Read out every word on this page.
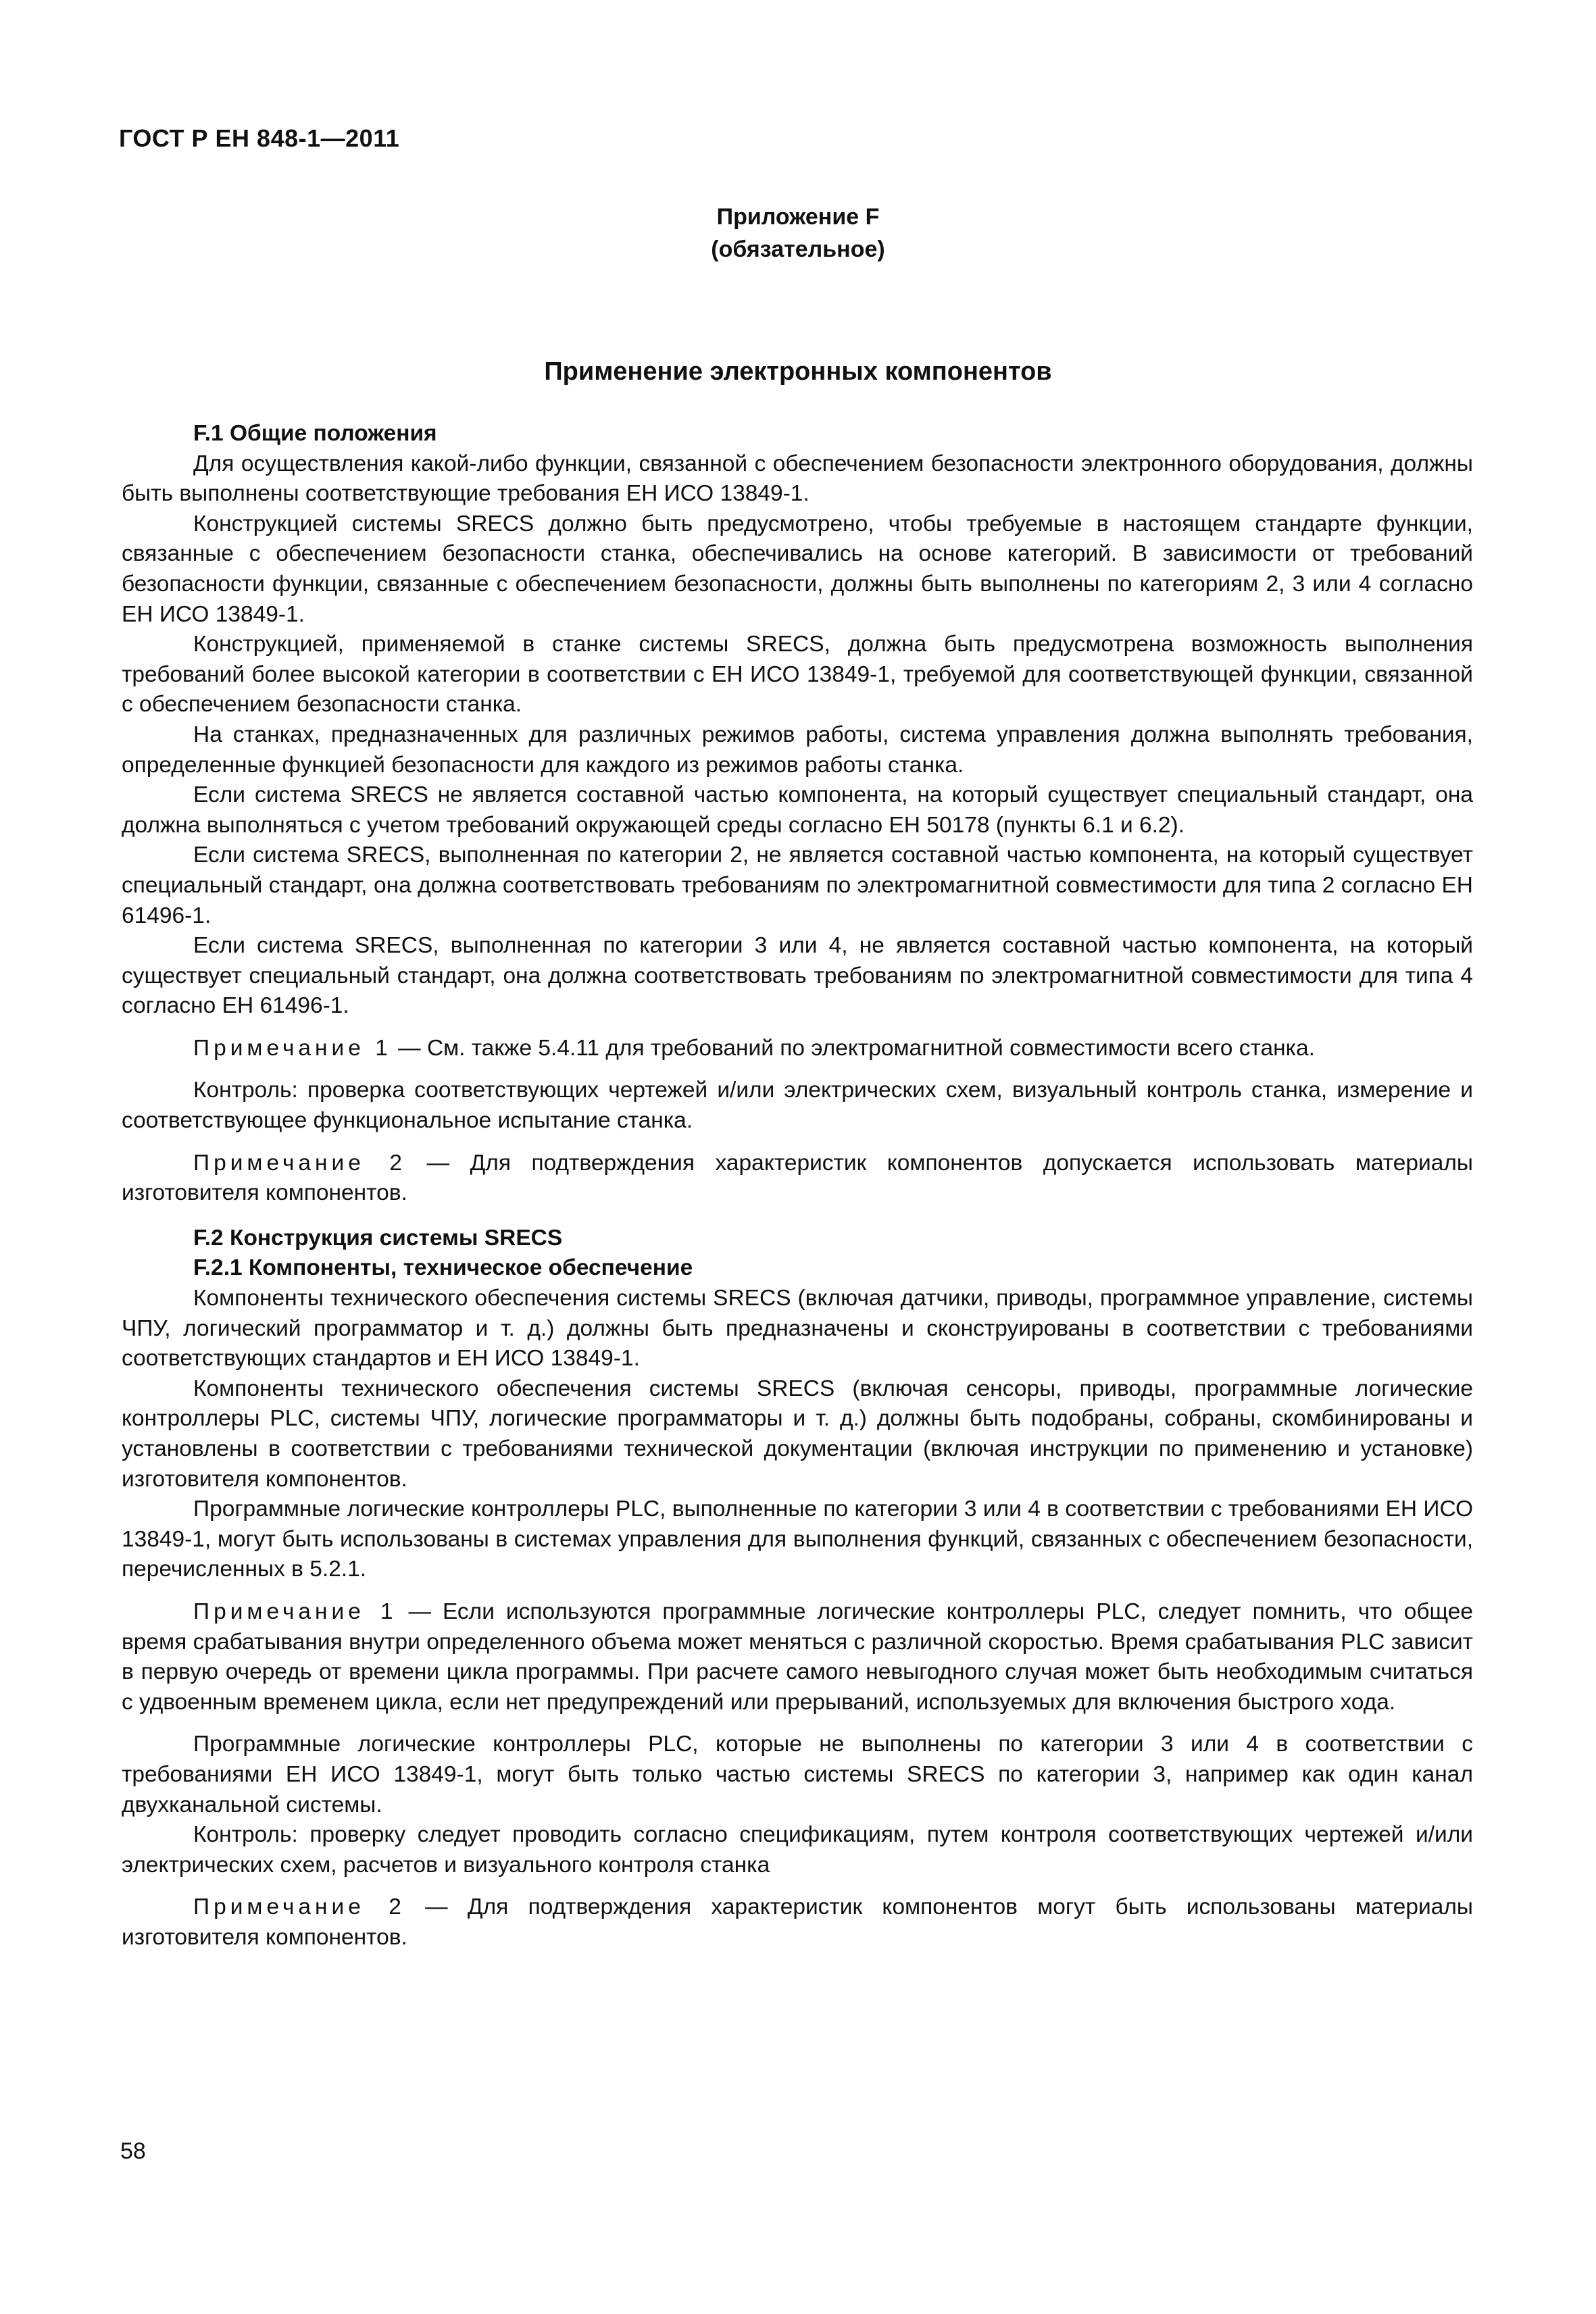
ГОСТ Р ЕН 848-1—2011
Приложение F
(обязательное)
Применение электронных компонентов
F.1 Общие положения

Для осуществления какой-либо функции, связанной с обеспечением безопасности электронного оборудования, должны быть выполнены соответствующие требования ЕН ИСО 13849-1.

Конструкцией системы SRECS должно быть предусмотрено, чтобы требуемые в настоящем стандарте функции, связанные с обеспечением безопасности станка, обеспечивались на основе категорий. В зависимости от требований безопасности функции, связанные с обеспечением безопасности, должны быть выполнены по категориям 2, 3 или 4 согласно ЕН ИСО 13849-1.

Конструкцией, применяемой в станке системы SRECS, должна быть предусмотрена возможность выполнения требований более высокой категории в соответствии с ЕН ИСО 13849-1, требуемой для соответствующей функции, связанной с обеспечением безопасности станка.

На станках, предназначенных для различных режимов работы, система управления должна выполнять требования, определенные функцией безопасности для каждого из режимов работы станка.

Если система SRECS не является составной частью компонента, на который существует специальный стандарт, она должна выполняться с учетом требований окружающей среды согласно ЕН 50178 (пункты 6.1 и 6.2).

Если система SRECS, выполненная по категории 2, не является составной частью компонента, на который существует специальный стандарт, она должна соответствовать требованиям по электромагнитной совместимости для типа 2 согласно ЕН 61496-1.

Если система SRECS, выполненная по категории 3 или 4, не является составной частью компонента, на который существует специальный стандарт, она должна соответствовать требованиям по электромагнитной совместимости для типа 4 согласно ЕН 61496-1.

Примечание 1 — См. также 5.4.11 для требований по электромагнитной совместимости всего станка.

Контроль: проверка соответствующих чертежей и/или электрических схем, визуальный контроль станка, измерение и соответствующее функциональное испытание станка.

Примечание 2 — Для подтверждения характеристик компонентов допускается использовать материалы изготовителя компонентов.

F.2 Конструкция системы SRECS
F.2.1 Компоненты, техническое обеспечение

Компоненты технического обеспечения системы SRECS (включая датчики, приводы, программное управление, системы ЧПУ, логический программатор и т. д.) должны быть предназначены и сконструированы в соответствии с требованиями соответствующих стандартов и ЕН ИСО 13849-1.

Компоненты технического обеспечения системы SRECS (включая сенсоры, приводы, программные логические контроллеры PLC, системы ЧПУ, логические программаторы и т. д.) должны быть подобраны, собраны, скомбинированы и установлены в соответствии с требованиями технической документации (включая инструкции по применению и установке) изготовителя компонентов.

Программные логические контроллеры PLC, выполненные по категории 3 или 4 в соответствии с требованиями ЕН ИСО 13849-1, могут быть использованы в системах управления для выполнения функций, связанных с обеспечением безопасности, перечисленных в 5.2.1.

Примечание 1 — Если используются программные логические контроллеры PLC, следует помнить, что общее время срабатывания внутри определенного объема может меняться с различной скоростью. Время срабатывания PLC зависит в первую очередь от времени цикла программы. При расчете самого невыгодного случая может быть необходимым считаться с удвоенным временем цикла, если нет предупреждений или прерываний, используемых для включения быстрого хода.

Программные логические контроллеры PLC, которые не выполнены по категории 3 или 4 в соответствии с требованиями ЕН ИСО 13849-1, могут быть только частью системы SRECS по категории 3, например как один канал двухканальной системы.

Контроль: проверку следует проводить согласно спецификациям, путем контроля соответствующих чертежей и/или электрических схем, расчетов и визуального контроля станка

Примечание 2 — Для подтверждения характеристик компонентов могут быть использованы материалы изготовителя компонентов.

58
